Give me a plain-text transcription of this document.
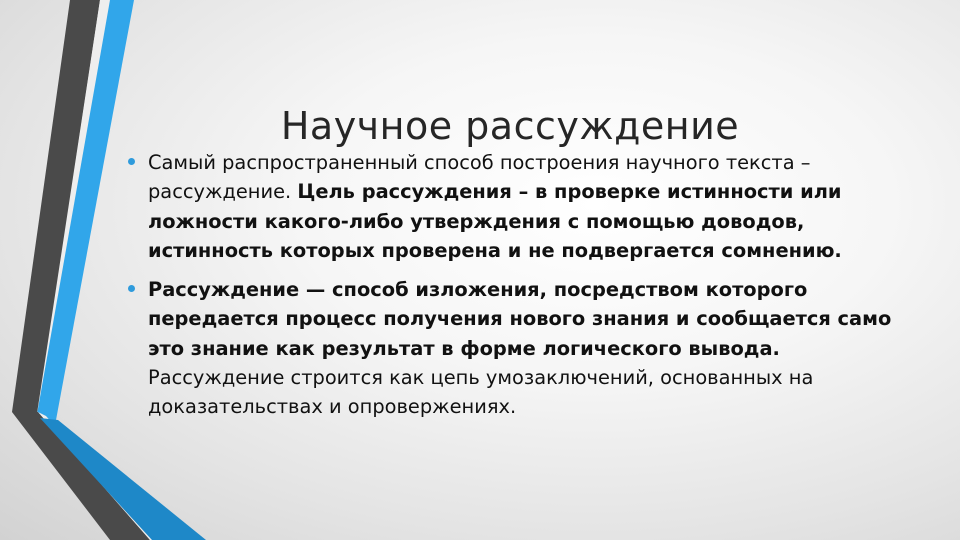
Научное рассуждение

Самый распространенный способ построения научного текста – рассуждение. Цель рассуждения – в проверке истинности или ложности какого-либо утверждения с помощью доводов, истинность которых проверена и не подвергается сомнению.

Рассуждение — способ изложения, посредством которого передается процесс получения нового знания и сообщается само это знание как результат в форме логического вывода. Рассуждение строится как цепь умозаключений, основанных на доказательствах и опровержениях.
